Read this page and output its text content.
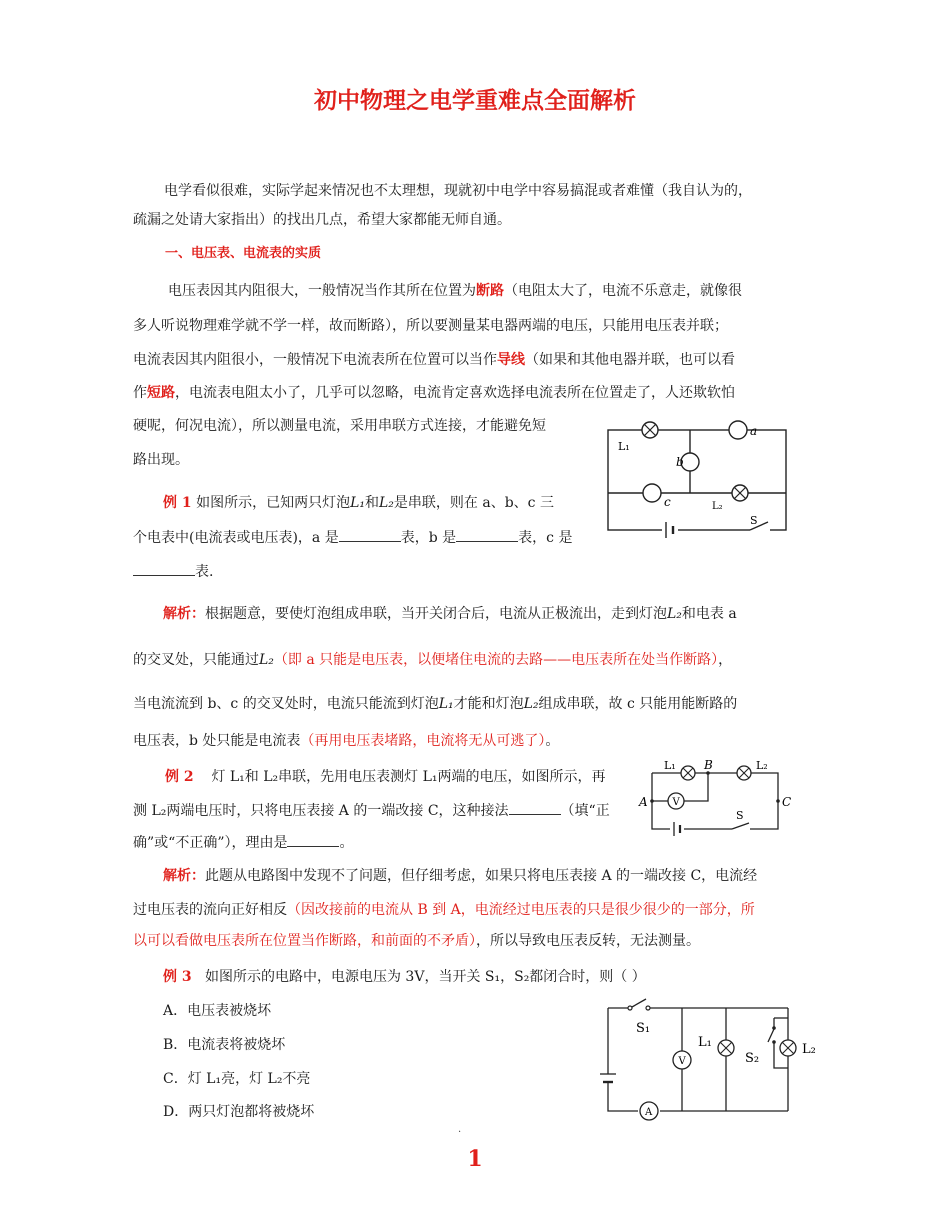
初中物理之电学重难点全面解析
电学看似很难，实际学起来情况也不太理想，现就初中电学中容易搞混或者难懂（我自认为的，
疏漏之处请大家指出）的找出几点，希望大家都能无师自通。
一、电压表、电流表的实质
电压表因其内阻很大，一般情况当作其所在位置为断路（电阻太大了，电流不乐意走，就像很
多人听说物理难学就不学一样，故而断路），所以要测量某电器两端的电压，只能用电压表并联；
电流表因其内阻很小，一般情况下电流表所在位置可以当作导线（如果和其他电器并联，也可以看
作短路，电流表电阻太小了，几乎可以忽略，电流肯定喜欢选择电流表所在位置走了，人还欺软怕
硬呢，何况电流），所以测量电流，采用串联方式连接，才能避免短
路出现。
L₁
a
b
c	L₂
S
例 1 如图所示，已知两只灯泡L₁和L₂是串联，则在 a、b、c 三
个电表中(电流表或电压表)，a 是	表，b 是	表，c 是
表.
解析：根据题意，要使灯泡组成串联，当开关闭合后，电流从正极流出，走到灯泡L₂和电表 a
的交叉处，只能通过L₂（即 a 只能是电压表，以便堵住电流的去路——电压表所在处当作断路），
当电流流到 b、c 的交叉处时，电流只能流到灯泡L₁才能和灯泡L₂组成串联，故 c 只能用能断路的
电压表，b 处只能是电流表（再用电压表堵路，电流将无从可逃了）。
L₁ B	L₂
A	C
V
S
例 2 灯 L₁和 L₂串联，先用电压表测灯 L₁两端的电压，如图所示，再
测 L₂两端电压时，只将电压表接 A 的一端改接 C，这种接法	（填“正
确”或“不正确”），理由是	。
解析：此题从电路图中发现不了问题，但仔细考虑，如果只将电压表接 A 的一端改接 C，电流经
过电压表的流向正好相反（因改接前的电流从 B 到 A，电流经过电压表的只是很少很少的一部分，所
以可以看做电压表所在位置当作断路，和前面的不矛盾），所以导致电压表反转，无法测量。
例 3 如图所示的电路中，电源电压为 3V，当开关 S₁，S₂都闭合时，则（ ）
A．电压表被烧坏
B．电流表将被烧坏
C．灯 L₁亮，灯 L₂不亮
D．两只灯泡都将被烧坏
S₁
L₁
S₂
L₂
V
A
.
1
